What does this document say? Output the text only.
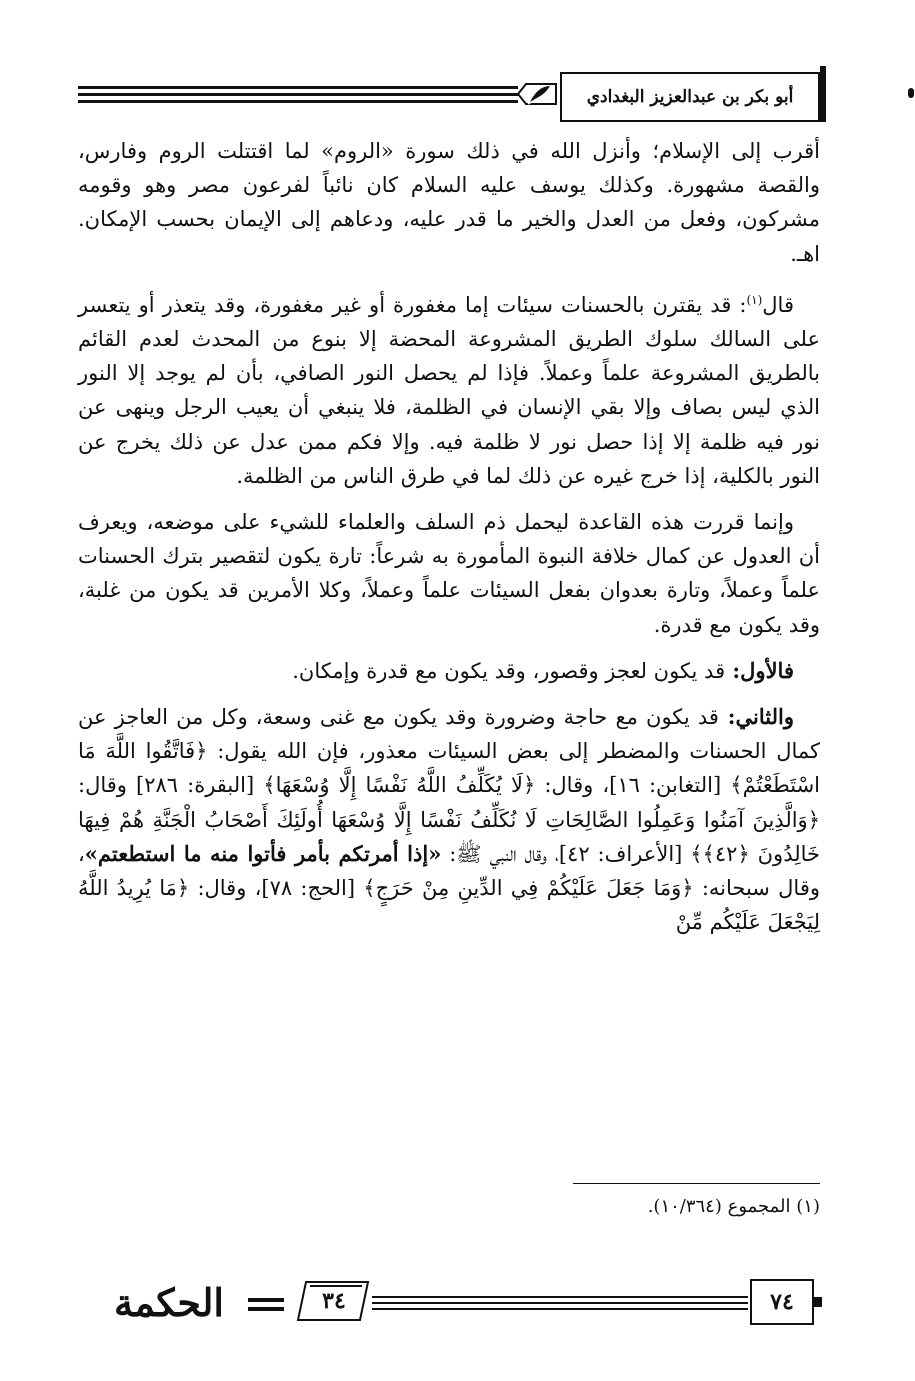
أبو بكر بن عبدالعزيز البغدادي

أقرب إلى الإسلام؛ وأنزل الله في ذلك سورة «الروم» لما اقتتلت الروم وفارس، والقصة مشهورة. وكذلك يوسف عليه السلام كان نائباً لفرعون مصر وهو وقومه مشركون، وفعل من العدل والخير ما قدر عليه، ودعاهم إلى الإيمان بحسب الإمكان. اهـ.

قال$^{(١)}$: قد يقترن بالحسنات سيئات إما مغفورة أو غير مغفورة، وقد يتعذر أو يتعسر على السالك سلوك الطريق المشروعة المحضة إلا بنوع من المحدث لعدم القائم بالطريق المشروعة علماً وعملاً. فإذا لم يحصل النور الصافي، بأن لم يوجد إلا النور الذي ليس بصاف وإلا بقي الإنسان في الظلمة، فلا ينبغي أن يعيب الرجل وينهى عن نور فيه ظلمة إلا إذا حصل نور لا ظلمة فيه. وإلا فكم ممن عدل عن ذلك يخرج عن النور بالكلية، إذا خرج غيره عن ذلك لما في طرق الناس من الظلمة.

وإنما قررت هذه القاعدة ليحمل ذم السلف والعلماء للشيء على موضعه، ويعرف أن العدول عن كمال خلافة النبوة المأمورة به شرعاً: تارة يكون لتقصير بترك الحسنات علماً وعملاً، وتارة بعدوان بفعل السيئات علماً وعملاً، وكلا الأمرين قد يكون من غلبة، وقد يكون مع قدرة.

فالأول: قد يكون لعجز وقصور، وقد يكون مع قدرة وإمكان.

والثاني: قد يكون مع حاجة وضرورة وقد يكون مع غنى وسعة، وكل من العاجز عن كمال الحسنات والمضطر إلى بعض السيئات معذور، فإن الله يقول: ﴿فَاتَّقُوا اللَّهَ مَا اسْتَطَعْتُمْ﴾ [التغابن: ١٦]، وقال: ﴿لَا يُكَلِّفُ اللَّهُ نَفْسًا إِلَّا وُسْعَهَا﴾ [البقرة: ٢٨٦] وقال: ﴿وَالَّذِينَ آمَنُوا وَعَمِلُوا الصَّالِحَاتِ لَا نُكَلِّفُ نَفْسًا إِلَّا وُسْعَهَا أُولَئِكَ أَصْحَابُ الْجَنَّةِ هُمْ فِيهَا خَالِدُونَ ﴿٤٢﴾﴾ [الأعراف: ٤٢]، وقال النبي ﷺ: «إذا أمرتكم بأمر فأتوا منه ما استطعتم»، وقال سبحانه: ﴿وَمَا جَعَلَ عَلَيْكُمْ فِي الدِّينِ مِنْ حَرَجٍ﴾ [الحج: ٧٨]، وقال: ﴿مَا يُرِيدُ اللَّهُ لِيَجْعَلَ عَلَيْكُم مِّنْ

(١) المجموع (١٠/٣٦٤).
٧٤
٣٤
الحكمة
